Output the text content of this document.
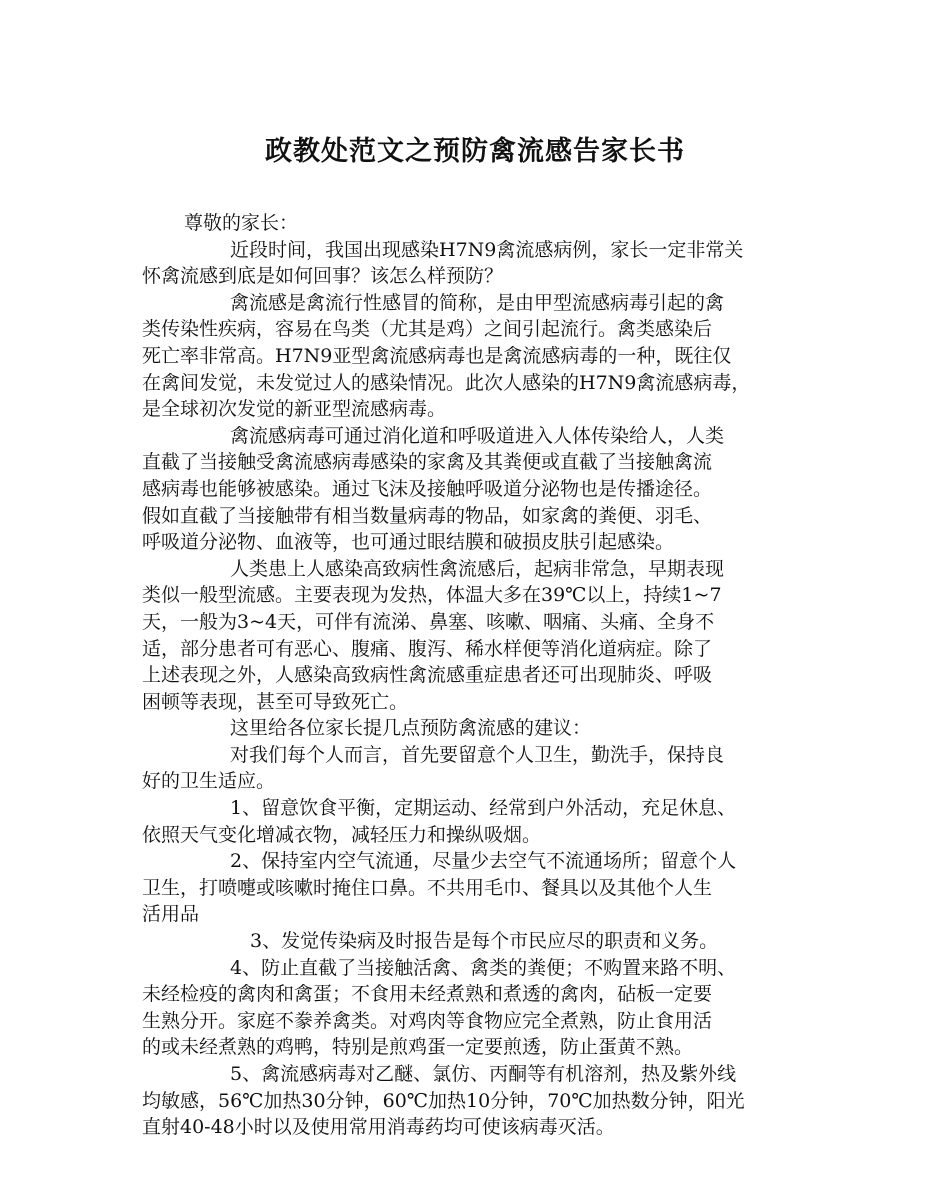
政教处范文之预防禽流感告家长书
尊敬的家长：
近段时间，我国出现感染H7N9禽流感病例，家长一定非常关
怀禽流感到底是如何回事？该怎么样预防？
禽流感是禽流行性感冒的简称，是由甲型流感病毒引起的禽
类传染性疾病，容易在鸟类（尤其是鸡）之间引起流行。禽类感染后
死亡率非常高。H7N9亚型禽流感病毒也是禽流感病毒的一种，既往仅
在禽间发觉，未发觉过人的感染情况。此次人感染的H7N9禽流感病毒，
是全球初次发觉的新亚型流感病毒。
禽流感病毒可通过消化道和呼吸道进入人体传染给人，人类
直截了当接触受禽流感病毒感染的家禽及其粪便或直截了当接触禽流
感病毒也能够被感染。通过飞沫及接触呼吸道分泌物也是传播途径。
假如直截了当接触带有相当数量病毒的物品，如家禽的粪便、羽毛、
呼吸道分泌物、血液等，也可通过眼结膜和破损皮肤引起感染。
人类患上人感染高致病性禽流感后，起病非常急，早期表现
类似一般型流感。主要表现为发热，体温大多在39℃以上，持续1~7
天，一般为3~4天，可伴有流涕、鼻塞、咳嗽、咽痛、头痛、全身不
适，部分患者可有恶心、腹痛、腹泻、稀水样便等消化道病症。除了
上述表现之外，人感染高致病性禽流感重症患者还可出现肺炎、呼吸
困顿等表现，甚至可导致死亡。
这里给各位家长提几点预防禽流感的建议：
对我们每个人而言，首先要留意个人卫生，勤洗手，保持良
好的卫生适应。
1、留意饮食平衡，定期运动、经常到户外活动，充足休息、
依照天气变化增减衣物，减轻压力和操纵吸烟。
2、保持室内空气流通，尽量少去空气不流通场所；留意个人
卫生，打喷嚏或咳嗽时掩住口鼻。不共用毛巾、餐具以及其他个人生
活用品
3、发觉传染病及时报告是每个市民应尽的职责和义务。
4、防止直截了当接触活禽、禽类的粪便；不购置来路不明、
未经检疫的禽肉和禽蛋；不食用未经煮熟和煮透的禽肉，砧板一定要
生熟分开。家庭不豢养禽类。对鸡肉等食物应完全煮熟，防止食用活
的或未经煮熟的鸡鸭，特别是煎鸡蛋一定要煎透，防止蛋黄不熟。
5、禽流感病毒对乙醚、氯仿、丙酮等有机溶剂，热及紫外线
均敏感，56℃加热30分钟，60℃加热10分钟，70℃加热数分钟，阳光
直射40-48小时以及使用常用消毒药均可使该病毒灭活。
